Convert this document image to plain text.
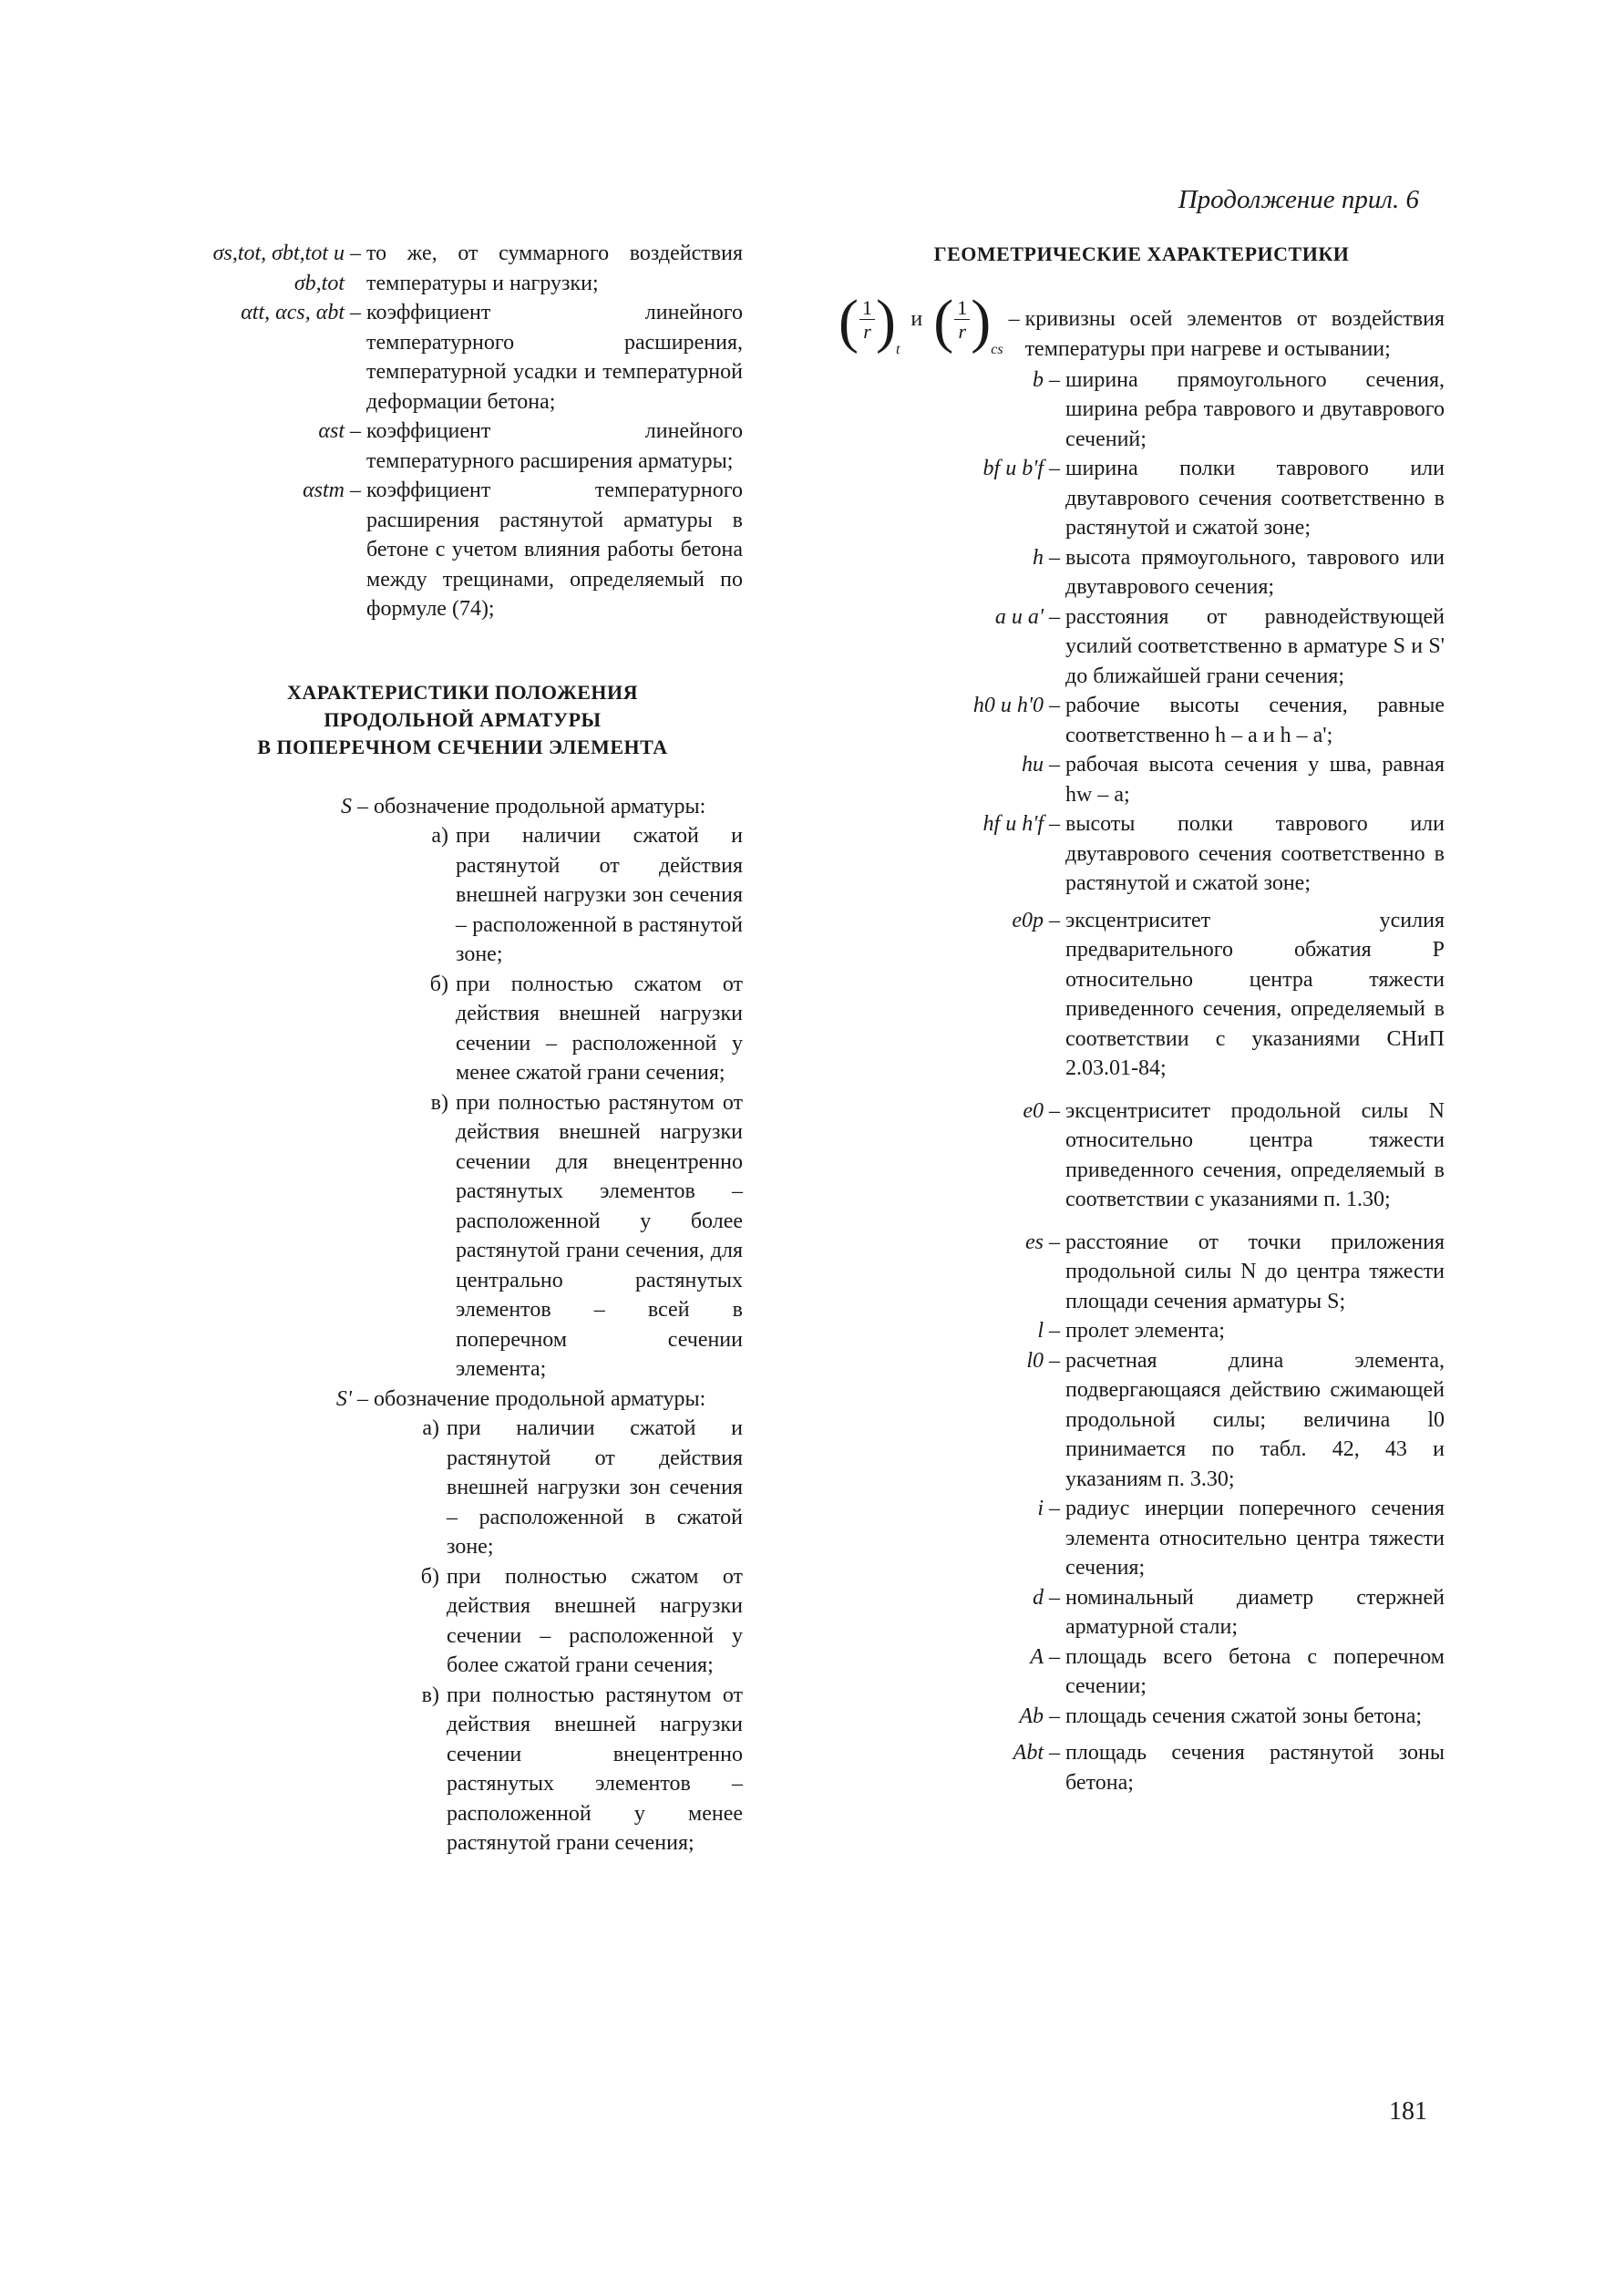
Продолжение прил. 6
σs,tot, σbt,tot и σb,tot
– то же, от суммарного воздействия температуры и нагрузки;
αtt, αcs, αbt – коэффициент линейного температурного расширения, температурной усадки и температурной деформации бетона;
αst – коэффициент линейного температурного расширения арматуры;
αstm – коэффициент температурного расширения растянутой арматуры в бетоне с учетом влияния работы бетона между трещинами, определяемый по формуле (74);
ХАРАКТЕРИСТИКИ ПОЛОЖЕНИЯ
ПРОДОЛЬНОЙ АРМАТУРЫ
В ПОПЕРЕЧНОМ СЕЧЕНИИ ЭЛЕМЕНТА
S – обозначение продольной арматуры:
а) при наличии сжатой и растянутой от действия внешней нагрузки зон сечения – расположенной в растянутой зоне;
б) при полностью сжатом от действия внешней нагрузки сечении – расположенной у менее сжатой грани сечения;
в) при полностью растянутом от действия внешней нагрузки сечении для внецентренно растянутых элементов – расположенной у более растянутой грани сечения, для центрально растянутых элементов – всей в поперечном сечении элемента;
S' – обозначение продольной арматуры:
а) при наличии сжатой и растянутой от действия внешней нагрузки зон сечения – расположенной в сжатой зоне;
б) при полностью сжатом от действия внешней нагрузки сечении – расположенной у более сжатой грани сечения;
в) при полностью растянутом от действия внешней нагрузки сечении внецентренно растянутых элементов – расположенной у менее растянутой грани сечения;
ГЕОМЕТРИЧЕСКИЕ ХАРАКТЕРИСТИКИ
( $\frac{1}{r}$ ) t
и ( $\frac{1}{r}$ ) cs
– кривизны осей элементов от воздействия температуры при нагреве и остывании;
b – ширина прямоугольного сечения, ширина ребра таврового и двутаврового сечений;
bf и b'f – ширина полки таврового или двутаврового сечения соответственно в растянутой и сжатой зоне;
h – высота прямоугольного, таврового или двутаврового сечения;
a и a' – расстояния от равнодействующей усилий соответственно в арматуре S и S' до ближайшей грани сечения;
h0 и h'0 – рабочие высоты сечения, равные соответственно h – a и h – a';
hu – рабочая высота сечения у шва, равная hw – a;
hf и h'f – высоты полки таврового или двутаврового сечения соответственно в растянутой и сжатой зоне;
e0p – эксцентриситет усилия предварительного обжатия P относительно центра тяжести приведенного сечения, определяемый в соответствии с указаниями СНиП 2.03.01-84;
e0 – эксцентриситет продольной силы N относительно центра тяжести приведенного сечения, определяемый в соответствии с указаниями п. 1.30;
es – расстояние от точки приложения продольной силы N до центра тяжести площади сечения арматуры S;
l – пролет элемента;
l0 – расчетная длина элемента, подвергающаяся действию сжимающей продольной силы; величина l0 принимается по табл. 42, 43 и указаниям п. 3.30;
i – радиус инерции поперечного сечения элемента относительно центра тяжести сечения;
d – номинальный диаметр стержней арматурной стали;
A – площадь всего бетона с поперечном сечении;
Ab – площадь сечения сжатой зоны бетона;
Abt – площадь сечения растянутой зоны бетона;
181
